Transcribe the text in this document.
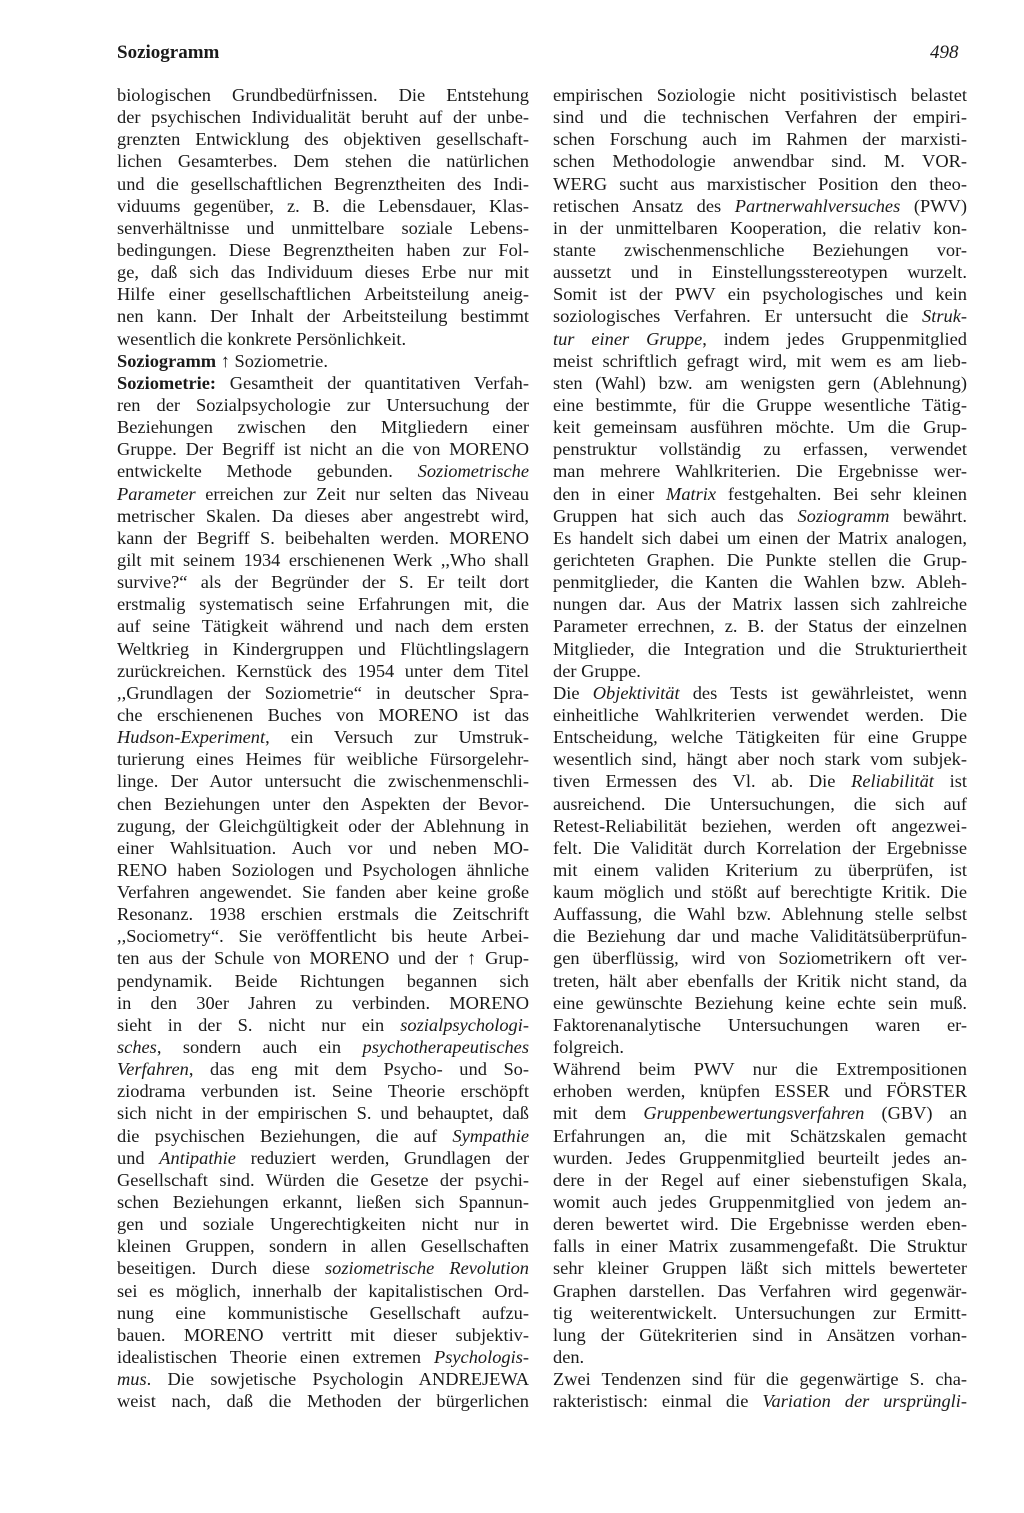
Soziogramm	498
biologischen Grundbedürfnissen. Die Entstehung
der psychischen Individualität beruht auf der unbe-
grenzten Entwicklung des objektiven gesellschaft-
lichen Gesamterbes. Dem stehen die natürlichen
und die gesellschaftlichen Begrenztheiten des Indi-
viduums gegenüber, z. B. die Lebensdauer, Klas-
senverhältnisse und unmittelbare soziale Lebens-
bedingungen. Diese Begrenztheiten haben zur Fol-
ge, daß sich das Individuum dieses Erbe nur mit
Hilfe einer gesellschaftlichen Arbeitsteilung aneig-
nen kann. Der Inhalt der Arbeitsteilung bestimmt
wesentlich die konkrete Persönlichkeit.
Soziogramm ↑ Soziometrie.
Soziometrie: Gesamtheit der quantitativen Verfah-
ren der Sozialpsychologie zur Untersuchung der
Beziehungen zwischen den Mitgliedern einer
Gruppe. Der Begriff ist nicht an die von MORENO
entwickelte Methode gebunden. Soziometrische
Parameter erreichen zur Zeit nur selten das Niveau
metrischer Skalen. Da dieses aber angestrebt wird,
kann der Begriff S. beibehalten werden. MORENO
gilt mit seinem 1934 erschienenen Werk ,,Who shall
survive?“ als der Begründer der S. Er teilt dort
erstmalig systematisch seine Erfahrungen mit, die
auf seine Tätigkeit während und nach dem ersten
Weltkrieg in Kindergruppen und Flüchtlingslagern
zurückreichen. Kernstück des 1954 unter dem Titel
,,Grundlagen der Soziometrie“ in deutscher Spra-
che erschienenen Buches von MORENO ist das
Hudson-Experiment, ein Versuch zur Umstruk-
turierung eines Heimes für weibliche Fürsorgelehr-
linge. Der Autor untersucht die zwischenmenschli-
chen Beziehungen unter den Aspekten der Bevor-
zugung, der Gleichgültigkeit oder der Ablehnung in
einer Wahlsituation. Auch vor und neben MO-
RENO haben Soziologen und Psychologen ähnliche
Verfahren angewendet. Sie fanden aber keine große
Resonanz. 1938 erschien erstmals die Zeitschrift
,,Sociometry“. Sie veröffentlicht bis heute Arbei-
ten aus der Schule von MORENO und der ↑ Grup-
pendynamik. Beide Richtungen begannen sich
in den 30er Jahren zu verbinden. MORENO
sieht in der S. nicht nur ein sozialpsychologi-
sches, sondern auch ein psychotherapeutisches
Verfahren, das eng mit dem Psycho- und So-
ziodrama verbunden ist. Seine Theorie erschöpft
sich nicht in der empirischen S. und behauptet, daß
die psychischen Beziehungen, die auf Sympathie
und Antipathie reduziert werden, Grundlagen der
Gesellschaft sind. Würden die Gesetze der psychi-
schen Beziehungen erkannt, ließen sich Spannun-
gen und soziale Ungerechtigkeiten nicht nur in
kleinen Gruppen, sondern in allen Gesellschaften
beseitigen. Durch diese soziometrische Revolution
sei es möglich, innerhalb der kapitalistischen Ord-
nung eine kommunistische Gesellschaft aufzu-
bauen. MORENO vertritt mit dieser subjektiv-
idealistischen Theorie einen extremen Psychologis-
mus. Die sowjetische Psychologin ANDREJEWA
weist nach, daß die Methoden der bürgerlichen
empirischen Soziologie nicht positivistisch belastet
sind und die technischen Verfahren der empiri-
schen Forschung auch im Rahmen der marxisti-
schen Methodologie anwendbar sind. M. VOR-
WERG sucht aus marxistischer Position den theo-
retischen Ansatz des Partnerwahlversuches (PWV)
in der unmittelbaren Kooperation, die relativ kon-
stante zwischenmenschliche Beziehungen vor-
aussetzt und in Einstellungsstereotypen wurzelt.
Somit ist der PWV ein psychologisches und kein
soziologisches Verfahren. Er untersucht die Struk-
tur einer Gruppe, indem jedes Gruppenmitglied
meist schriftlich gefragt wird, mit wem es am lieb-
sten (Wahl) bzw. am wenigsten gern (Ablehnung)
eine bestimmte, für die Gruppe wesentliche Tätig-
keit gemeinsam ausführen möchte. Um die Grup-
penstruktur vollständig zu erfassen, verwendet
man mehrere Wahlkriterien. Die Ergebnisse wer-
den in einer Matrix festgehalten. Bei sehr kleinen
Gruppen hat sich auch das Soziogramm bewährt.
Es handelt sich dabei um einen der Matrix analogen,
gerichteten Graphen. Die Punkte stellen die Grup-
penmitglieder, die Kanten die Wahlen bzw. Ableh-
nungen dar. Aus der Matrix lassen sich zahlreiche
Parameter errechnen, z. B. der Status der einzelnen
Mitglieder, die Integration und die Strukturiertheit
der Gruppe.
Die Objektivität des Tests ist gewährleistet, wenn
einheitliche Wahlkriterien verwendet werden. Die
Entscheidung, welche Tätigkeiten für eine Gruppe
wesentlich sind, hängt aber noch stark vom subjek-
tiven Ermessen des Vl. ab. Die Reliabilität ist
ausreichend. Die Untersuchungen, die sich auf
Retest-Reliabilität beziehen, werden oft angezwei-
felt. Die Validität durch Korrelation der Ergebnisse
mit einem validen Kriterium zu überprüfen, ist
kaum möglich und stößt auf berechtigte Kritik. Die
Auffassung, die Wahl bzw. Ablehnung stelle selbst
die Beziehung dar und mache Validitätsüberprüfun-
gen überflüssig, wird von Soziometrikern oft ver-
treten, hält aber ebenfalls der Kritik nicht stand, da
eine gewünschte Beziehung keine echte sein muß.
Faktorenanalytische Untersuchungen waren er-
folgreich.
Während beim PWV nur die Extrempositionen
erhoben werden, knüpfen ESSER und FÖRSTER
mit dem Gruppenbewertungsverfahren (GBV) an
Erfahrungen an, die mit Schätzskalen gemacht
wurden. Jedes Gruppenmitglied beurteilt jedes an-
dere in der Regel auf einer siebenstufigen Skala,
womit auch jedes Gruppenmitglied von jedem an-
deren bewertet wird. Die Ergebnisse werden eben-
falls in einer Matrix zusammengefaßt. Die Struktur
sehr kleiner Gruppen läßt sich mittels bewerteter
Graphen darstellen. Das Verfahren wird gegenwär-
tig weiterentwickelt. Untersuchungen zur Ermitt-
lung der Gütekriterien sind in Ansätzen vorhan-
den.
Zwei Tendenzen sind für die gegenwärtige S. cha-
rakteristisch: einmal die Variation der ursprüngli-
